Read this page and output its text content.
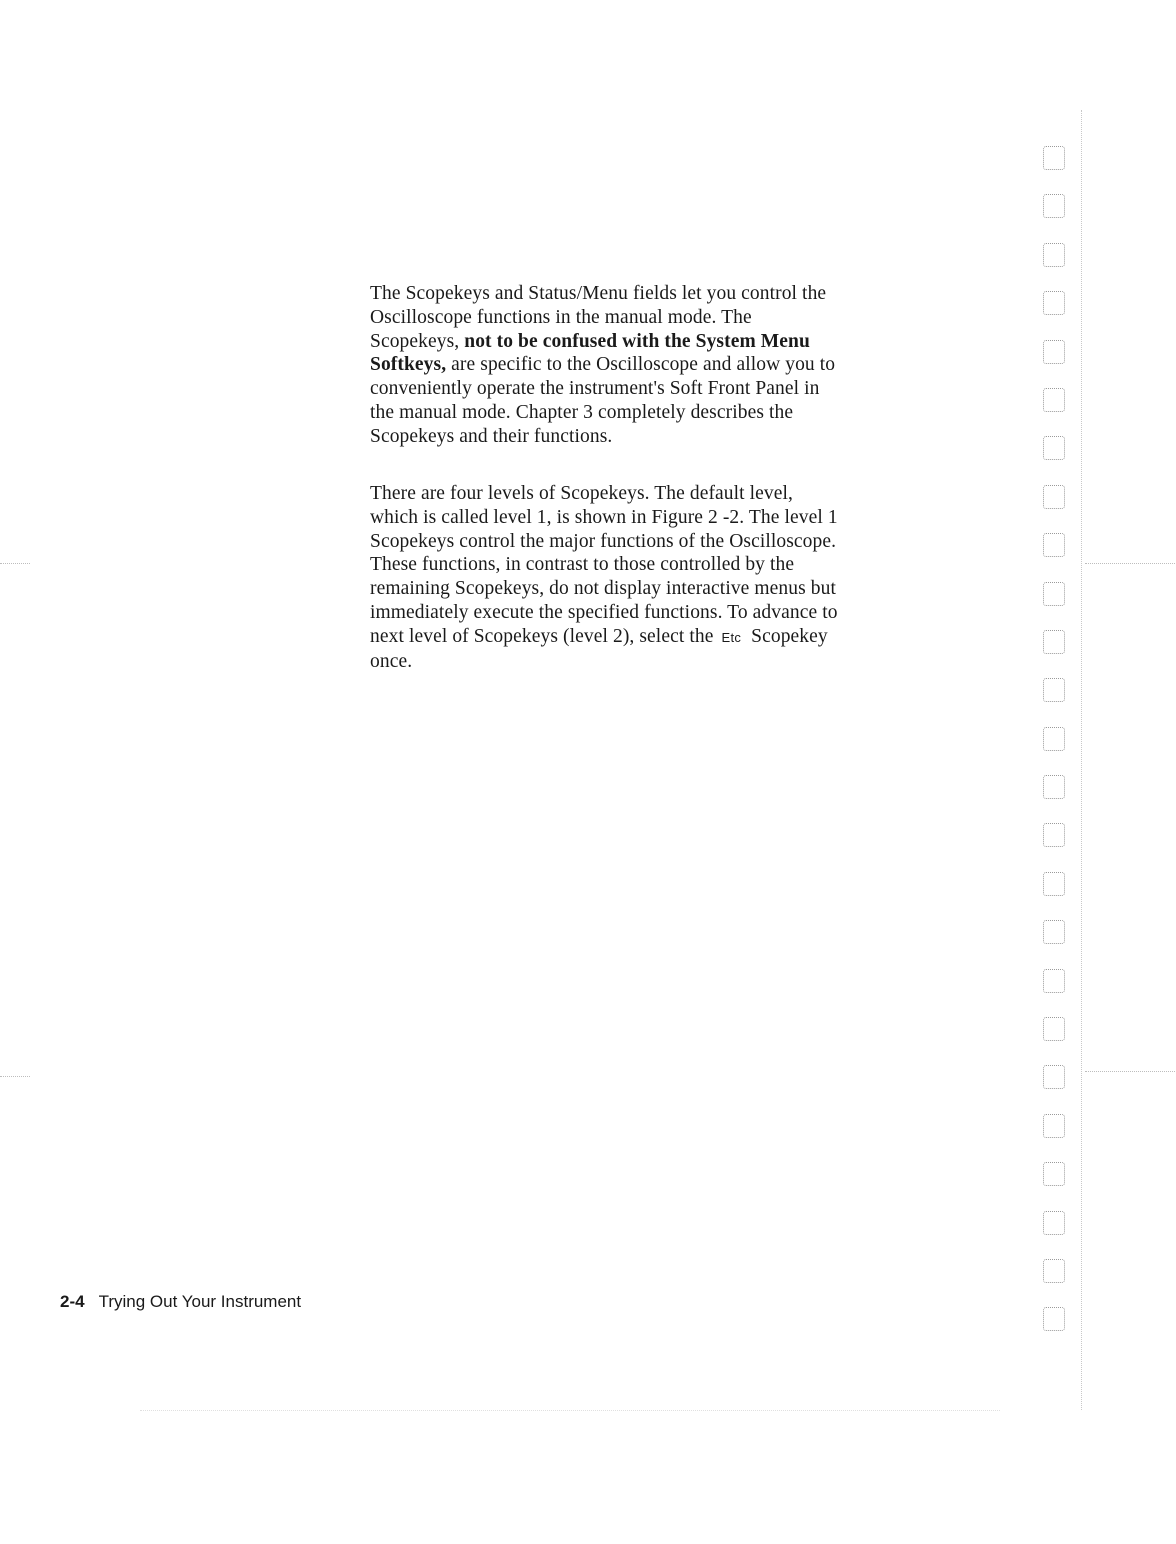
The Scopekeys and Status/Menu fields let you control the
Oscilloscope functions in the manual mode. The
Scopekeys, not to be confused with the System Menu
Softkeys, are specific to the Oscilloscope and allow you to
conveniently operate the instrument's Soft Front Panel in
the manual mode. Chapter 3 completely describes the
Scopekeys and their functions.
There are four levels of Scopekeys. The default level,
which is called level 1, is shown in Figure 2 -2. The level 1
Scopekeys control the major functions of the Oscilloscope.
These functions, in contrast to those controlled by the
remaining Scopekeys, do not display interactive menus but
immediately execute the specified functions. To advance to
next level of Scopekeys (level 2), select the Etc Scopekey
once.
2-4 Trying Out Your Instrument
